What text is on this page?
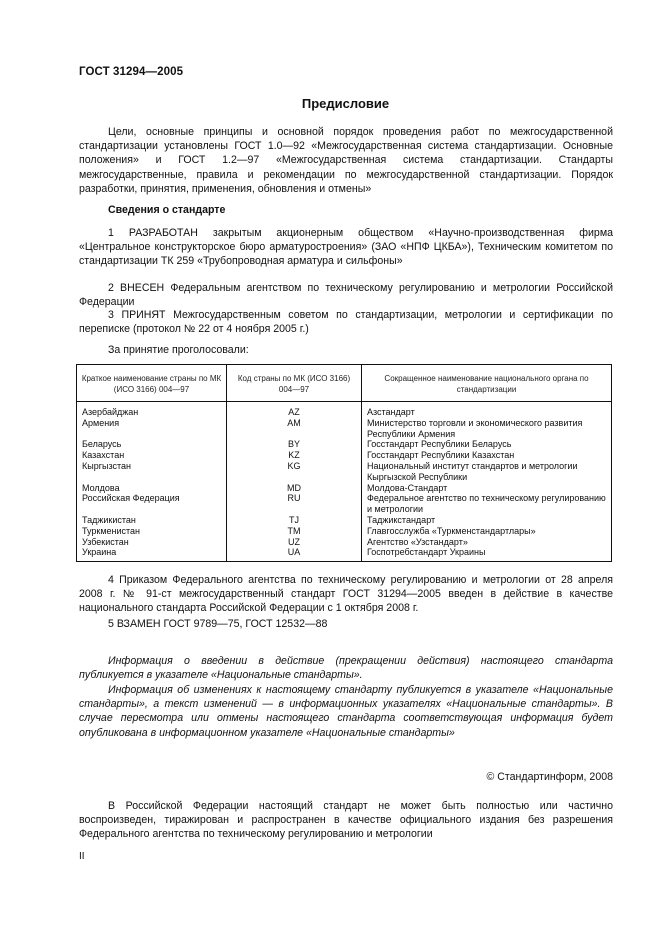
ГОСТ 31294—2005
Предисловие

Цели, основные принципы и основной порядок проведения работ по межгосударственной стандартизации установлены ГОСТ 1.0—92 «Межгосударственная система стандартизации. Основные положения» и ГОСТ 1.2—97 «Межгосударственная система стандартизации. Стандарты межгосударственные, правила и рекомендации по межгосударственной стандартизации. Порядок разработки, принятия, применения, обновления и отмены»

Сведения о стандарте

1 РАЗРАБОТАН закрытым акционерным обществом «Научно-производственная фирма «Центральное конструкторское бюро арматуростроения» (ЗАО «НПФ ЦКБА»), Техническим комитетом по стандартизации ТК 259 «Трубопроводная арматура и сильфоны»

2 ВНЕСЕН Федеральным агентством по техническому регулированию и метрологии Российской Федерации

3 ПРИНЯТ Межгосударственным советом по стандартизации, метрологии и сертификации по переписке (протокол № 22 от 4 ноября 2005 г.)

За принятие проголосовали:
Краткое наименование страны по МК (ИСО 3166) 004—97	Код страны по МК (ИСО 3166) 004—97	Сокращенное наименование национального органа по стандартизации
Азербайджан	AZ	Азстандарт
Армения	AM	Министерство торговли и экономического развития Республики Армения
Беларусь	BY	Госстандарт Республики Беларусь
Казахстан	KZ	Госстандарт Республики Казахстан
Кыргызстан	KG	Национальный институт стандартов и метрологии Кыргызской Республики
Молдова	MD	Молдова-Стандарт
Российская Федерация	RU	Федеральное агентство по техническому регулированию и метрологии
Таджикистан	TJ	Таджикстандарт
Туркменистан	TM	Главгосслужба «Туркменстандартлары»
Узбекистан	UZ	Агентство «Узстандарт»
Украина	UA	Госпотребстандарт Украины

4 Приказом Федерального агентства по техническому регулированию и метрологии от 28 апреля 2008 г. № 91-ст межгосударственный стандарт ГОСТ 31294—2005 введен в действие в качестве национального стандарта Российской Федерации с 1 октября 2008 г.

5 ВЗАМЕН ГОСТ 9789—75, ГОСТ 12532—88

Информация о введении в действие (прекращении действия) настоящего стандарта публикуется в указателе «Национальные стандарты».

Информация об изменениях к настоящему стандарту публикуется в указателе «Национальные стандарты», а текст изменений — в информационных указателях «Национальные стандарты». В случае пересмотра или отмены настоящего стандарта соответствующая информация будет опубликована в информационном указателе «Национальные стандарты»

© Стандартинформ, 2008

В Российской Федерации настоящий стандарт не может быть полностью или частично воспроизведен, тиражирован и распространен в качестве официального издания без разрешения Федерального агентства по техническому регулированию и метрологии

II
